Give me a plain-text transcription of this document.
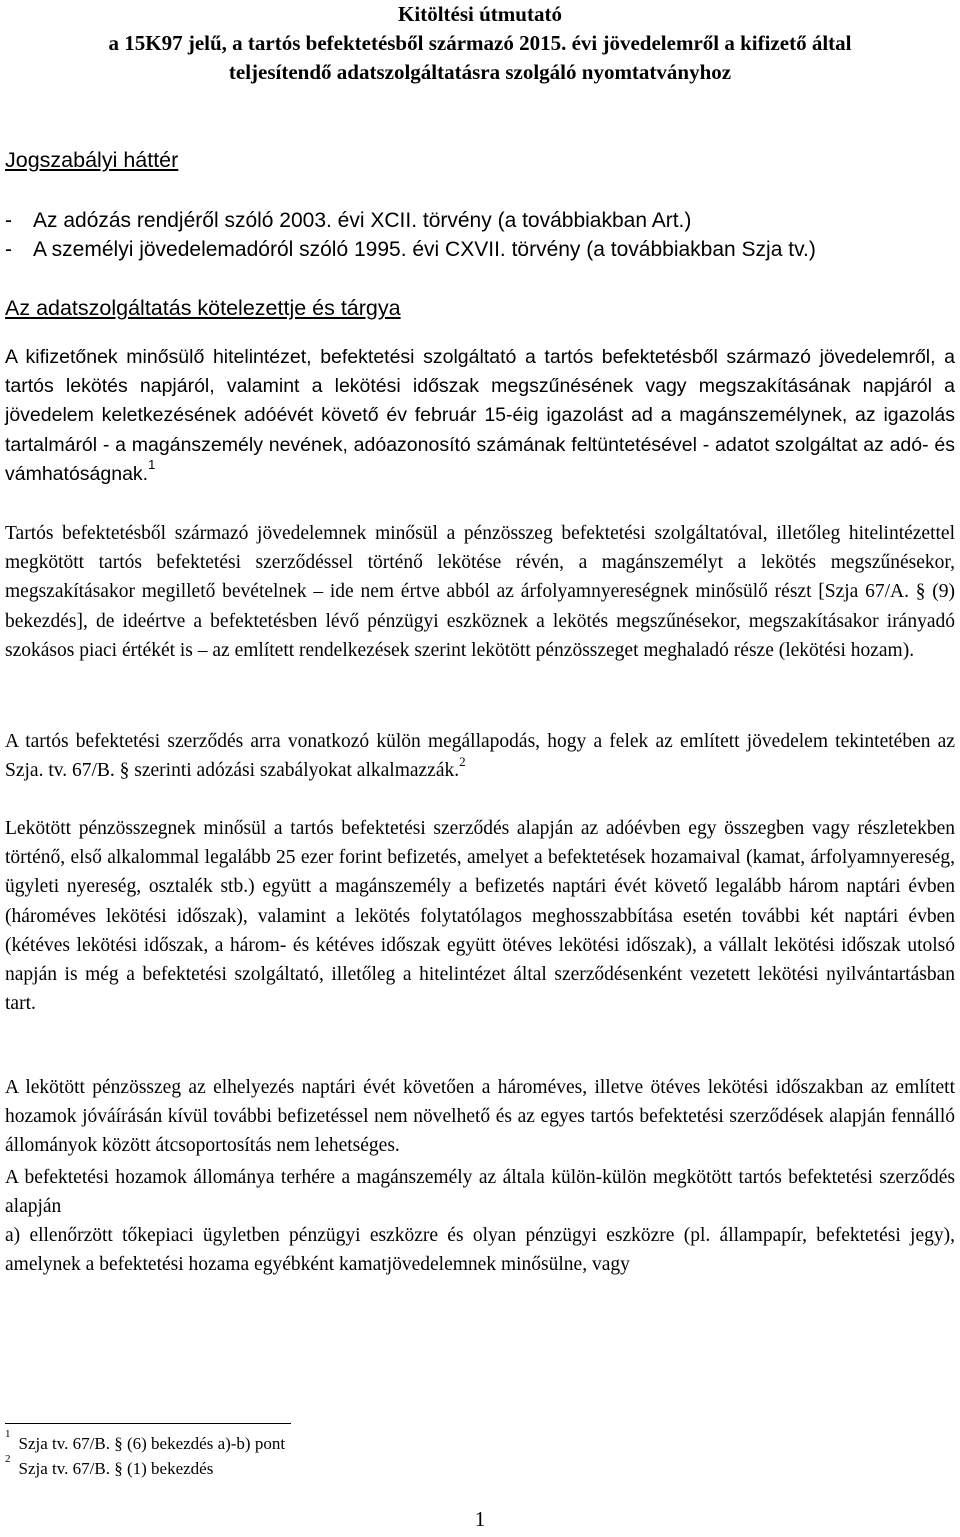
Kitöltési útmutató
a 15K97 jelű, a tartós befektetésből származó 2015. évi jövedelemről a kifizető által
teljesítendő adatszolgáltatásra szolgáló nyomtatványhoz
Jogszabályi háttér
- Az adózás rendjéről szóló 2003. évi XCII. törvény (a továbbiakban Art.)
- A személyi jövedelemadóról szóló 1995. évi CXVII. törvény (a továbbiakban Szja tv.)
Az adatszolgáltatás kötelezettje és tárgya
A kifizetőnek minősülő hitelintézet, befektetési szolgáltató a tartós befektetésből származó jövedelemről, a tartós lekötés napjáról, valamint a lekötési időszak megszűnésének vagy megszakításának napjáról a jövedelem keletkezésének adóévét követő év február 15-éig igazolást ad a magánszemélynek, az igazolás tartalmáról - a magánszemély nevének, adóazonosító számának feltüntetésével - adatot szolgáltat az adó- és vámhatóságnak.$^1$
Tartós befektetésből származó jövedelemnek minősül a pénzösszeg befektetési szolgáltatóval, illetőleg hitelintézettel megkötött tartós befektetési szerződéssel történő lekötése révén, a magánszemélyt a lekötés megszűnésekor, megszakításakor megillető bevételnek – ide nem értve abból az árfolyamnyereségnek minősülő részt [Szja 67/A. § (9) bekezdés], de ideértve a befektetésben lévő pénzügyi eszköznek a lekötés megszűnésekor, megszakításakor irányadó szokásos piaci értékét is – az említett rendelkezések szerint lekötött pénzösszeget meghaladó része (lekötési hozam).
A tartós befektetési szerződés arra vonatkozó külön megállapodás, hogy a felek az említett jövedelem tekintetében az Szja. tv. 67/B. § szerinti adózási szabályokat alkalmazzák.$^2$
Lekötött pénzösszegnek minősül a tartós befektetési szerződés alapján az adóévben egy összegben vagy részletekben történő, első alkalommal legalább 25 ezer forint befizetés, amelyet a befektetések hozamaival (kamat, árfolyamnyereség, ügyleti nyereség, osztalék stb.) együtt a magánszemély a befizetés naptári évét követő legalább három naptári évben (hároméves lekötési időszak), valamint a lekötés folytatólagos meghosszabbítása esetén további két naptári évben (kétéves lekötési időszak, a három- és kétéves időszak együtt ötéves lekötési időszak), a vállalt lekötési időszak utolsó napján is még a befektetési szolgáltató, illetőleg a hitelintézet által szerződésenként vezetett lekötési nyilvántartásban tart.
A lekötött pénzösszeg az elhelyezés naptári évét követően a hároméves, illetve ötéves lekötési időszakban az említett hozamok jóváírásán kívül további befizetéssel nem növelhető és az egyes tartós befektetési szerződések alapján fennálló állományok között átcsoportosítás nem lehetséges.
A befektetési hozamok állománya terhére a magánszemély az általa külön-külön megkötött tartós befektetési szerződés alapján
a) ellenőrzött tőkepiaci ügyletben pénzügyi eszközre és olyan pénzügyi eszközre (pl. állampapír, befektetési jegy), amelynek a befektetési hozama egyébként kamatjövedelemnek minősülne, vagy
$^1$ Szja tv. 67/B. § (6) bekezdés a)-b) pont
$^2$ Szja tv. 67/B. § (1) bekezdés
1
